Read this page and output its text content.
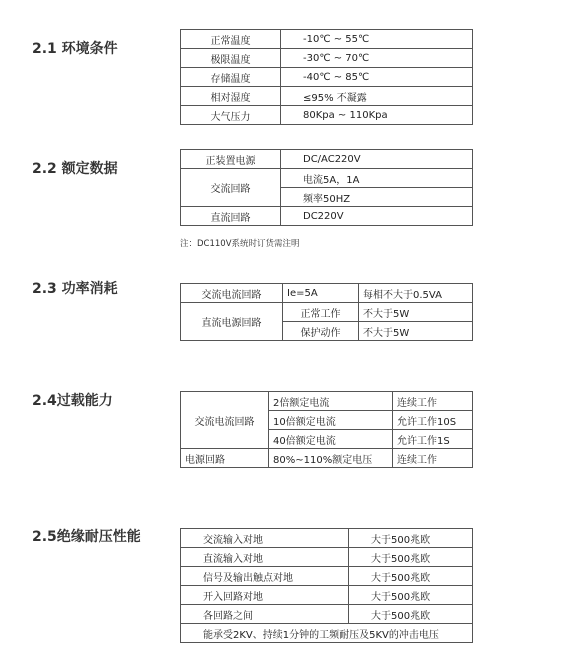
2.1 环境条件	正常温度	-10℃ ~ 55℃
极限温度	-30℃ ~ 70℃
存储温度	-40℃ ~ 85℃
相对湿度	≤95% 不凝露
大气压力	80Kpa ~ 110Kpa
2.2 额定数据	正装置电源	DC/AC220V
交流回路	电流5A，1A
	频率50HZ
直流回路	DC220V
注：DC110V系统时订货需注明
2.3 功率消耗	交流电流回路	Ie=5A	每相不大于0.5VA
直流电源回路	正常工作	不大于5W
	保护动作	不大于5W
2.4过载能力
交流电流回路	2倍额定电流	连续工作
	10倍额定电流	允许工作10S
	40倍额定电流	允许工作1S
电源回路	80%~110%额定电压	连续工作
2.5绝缘耐压性能	交流输入对地	大于500兆欧
直流输入对地	大于500兆欧
信号及输出触点对地	大于500兆欧
开入回路对地	大于500兆欧
各回路之间	大于500兆欧
能承受2KV、持续1分钟的工频耐压及5KV的冲击电压	
